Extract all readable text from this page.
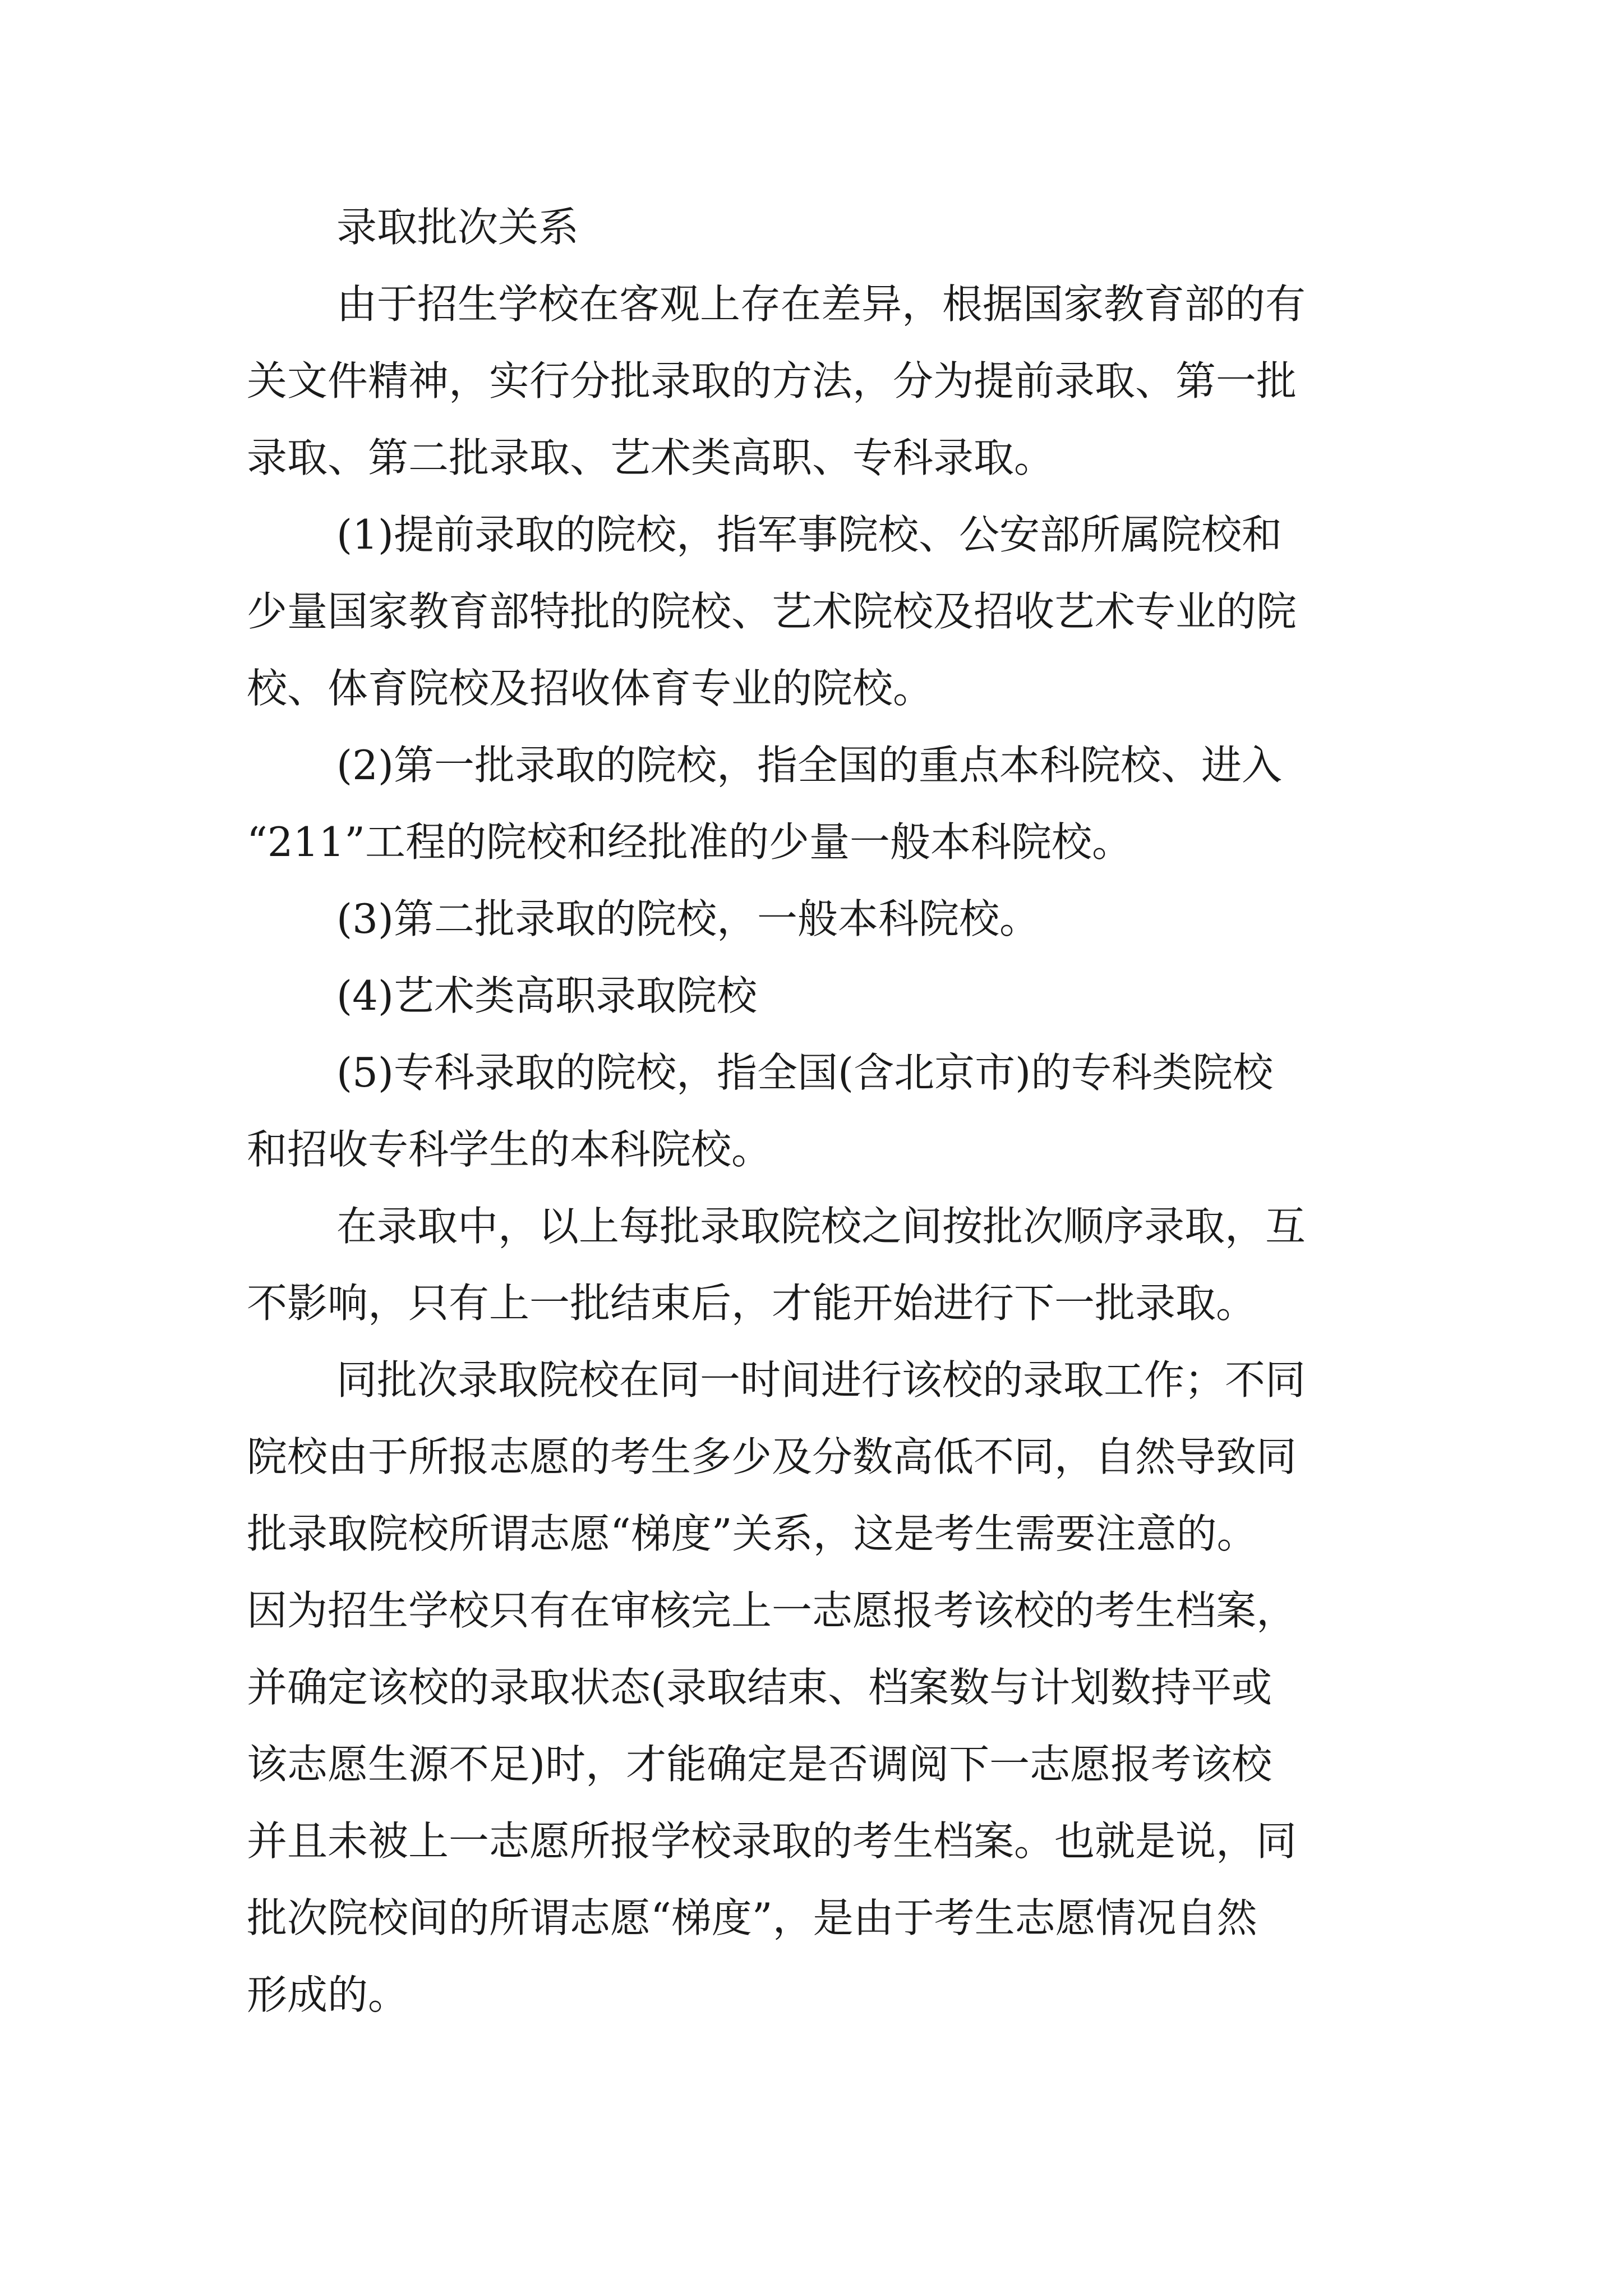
录取批次关系
由于招生学校在客观上存在差异，根据国家教育部的有
关文件精神，实行分批录取的方法，分为提前录取、第一批
录取、第二批录取、艺术类高职、专科录取。
(1)提前录取的院校，指军事院校、公安部所属院校和
少量国家教育部特批的院校、艺术院校及招收艺术专业的院
校、体育院校及招收体育专业的院校。
(2)第一批录取的院校，指全国的重点本科院校、进入
“211”工程的院校和经批准的少量一般本科院校。
(3)第二批录取的院校，一般本科院校。
(4)艺术类高职录取院校
(5)专科录取的院校，指全国(含北京市)的专科类院校
和招收专科学生的本科院校。
在录取中，以上每批录取院校之间按批次顺序录取，互
不影响，只有上一批结束后，才能开始进行下一批录取。
同批次录取院校在同一时间进行该校的录取工作；不同
院校由于所报志愿的考生多少及分数高低不同，自然导致同
批录取院校所谓志愿“梯度”关系，这是考生需要注意的。
因为招生学校只有在审核完上一志愿报考该校的考生档案，
并确定该校的录取状态(录取结束、档案数与计划数持平或
该志愿生源不足)时，才能确定是否调阅下一志愿报考该校
并且未被上一志愿所报学校录取的考生档案。也就是说，同
批次院校间的所谓志愿“梯度”，是由于考生志愿情况自然
形成的。
